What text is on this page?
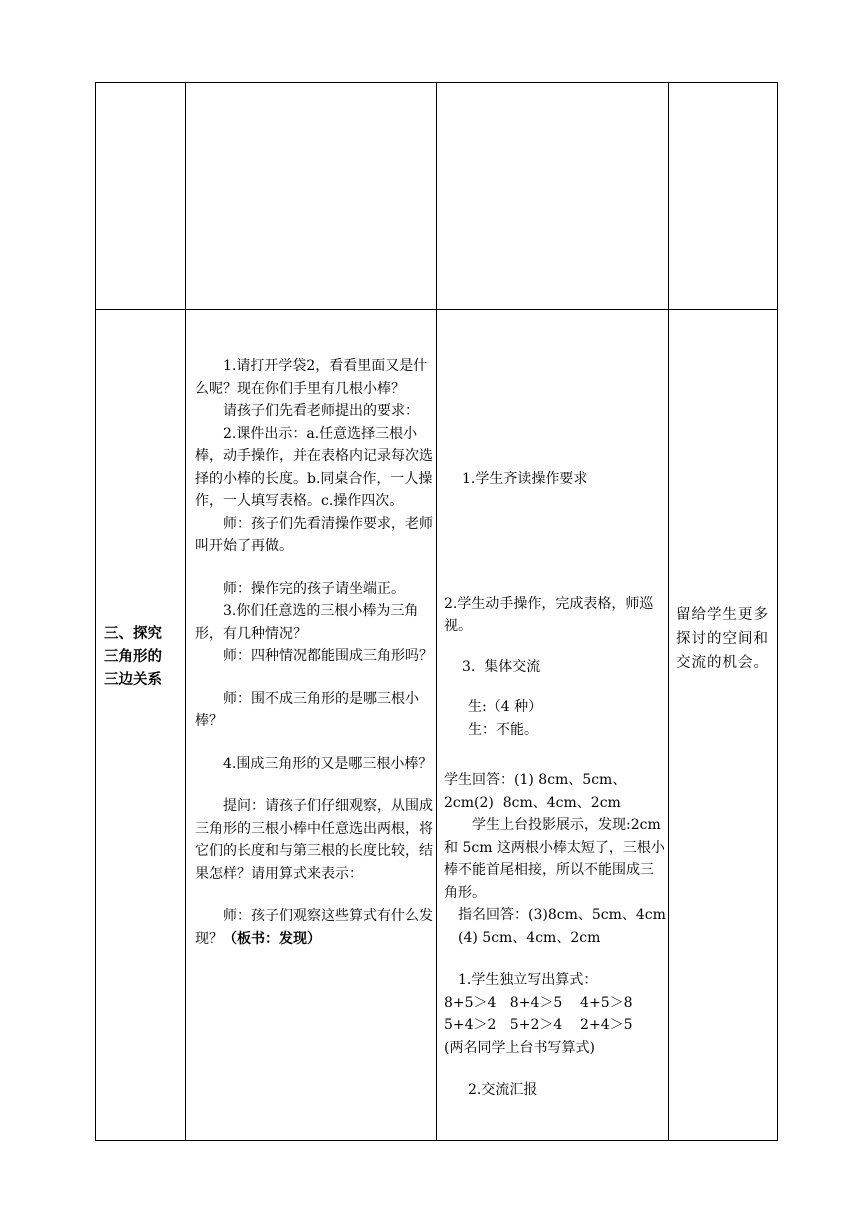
三、探究
三角形的
三边关系

1.请打开学袋2，看看里面又是什么呢？现在你们手里有几根小棒？

请孩子们先看老师提出的要求：

2.课件出示：a.任意选择三根小棒，动手操作，并在表格内记录每次选择的小棒的长度。b.同桌合作，一人操作，一人填写表格。c.操作四次。

师：孩子们先看清操作要求，老师叫开始了再做。

师：操作完的孩子请坐端正。

3.你们任意选的三根小棒为三角形，有几种情况？

师：四种情况都能围成三角形吗？

师：围不成三角形的是哪三根小棒？

4.围成三角形的又是哪三根小棒？

提问：请孩子们仔细观察，从围成三角形的三根小棒中任意选出两根，将它们的长度和与第三根的长度比较，结果怎样？请用算式来表示：

师：孩子们观察这些算式有什么发现？（板书：发现）

1.学生齐读操作要求

2.学生动手操作，完成表格，师巡视。

3.  集体交流

生:（4 种）

生：不能。

学生回答：(1) 8cm、5cm、2cm(2)  8cm、4cm、2cm

学生上台投影展示，发现:2cm 和 5cm 这两根小棒太短了，三根小棒不能首尾相接，所以不能围成三角形。

指名回答：(3)8cm、5cm、4cm (4) 5cm、4cm、2cm

1.学生独立写出算式：

8+5＞4   8+4＞5    4+5＞8

5+4＞2   5+2＞4    2+4＞5

(两名同学上台书写算式)

2.交流汇报

留给学生更多探讨的空间和交流的机会。
